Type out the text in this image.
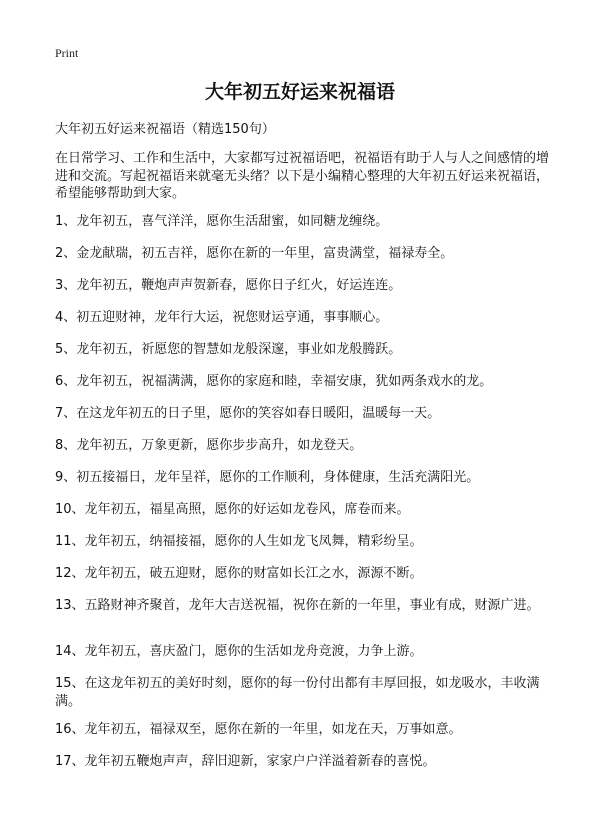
Print
大年初五好运来祝福语
大年初五好运来祝福语（精选150句）

在日常学习、工作和生活中，大家都写过祝福语吧，祝福语有助于人与人之间感情的增进和交流。写起祝福语来就毫无头绪？以下是小编精心整理的大年初五好运来祝福语，希望能够帮助到大家。

1、龙年初五，喜气洋洋，愿你生活甜蜜，如同糖龙缠绕。
2、金龙献瑞，初五吉祥，愿你在新的一年里，富贵满堂，福禄寿全。
3、龙年初五，鞭炮声声贺新春，愿你日子红火，好运连连。
4、初五迎财神，龙年行大运，祝您财运亨通，事事顺心。
5、龙年初五，祈愿您的智慧如龙般深邃，事业如龙般腾跃。
6、龙年初五，祝福满满，愿你的家庭和睦，幸福安康，犹如两条戏水的龙。
7、在这龙年初五的日子里，愿你的笑容如春日暖阳，温暖每一天。
8、龙年初五，万象更新，愿你步步高升，如龙登天。
9、初五接福日，龙年呈祥，愿你的工作顺利，身体健康，生活充满阳光。
10、龙年初五，福星高照，愿你的好运如龙卷风，席卷而来。
11、龙年初五，纳福接福，愿你的人生如龙飞凤舞，精彩纷呈。
12、龙年初五，破五迎财，愿你的财富如长江之水，源源不断。
13、五路财神齐聚首，龙年大吉送祝福，祝你在新的一年里，事业有成，财源广进。
14、龙年初五，喜庆盈门，愿你的生活如龙舟竞渡，力争上游。
15、在这龙年初五的美好时刻，愿你的每一份付出都有丰厚回报，如龙吸水，丰收满满。
16、龙年初五，福禄双至，愿你在新的一年里，如龙在天，万事如意。
17、龙年初五鞭炮声声，辞旧迎新，家家户户洋溢着新春的喜悦。
